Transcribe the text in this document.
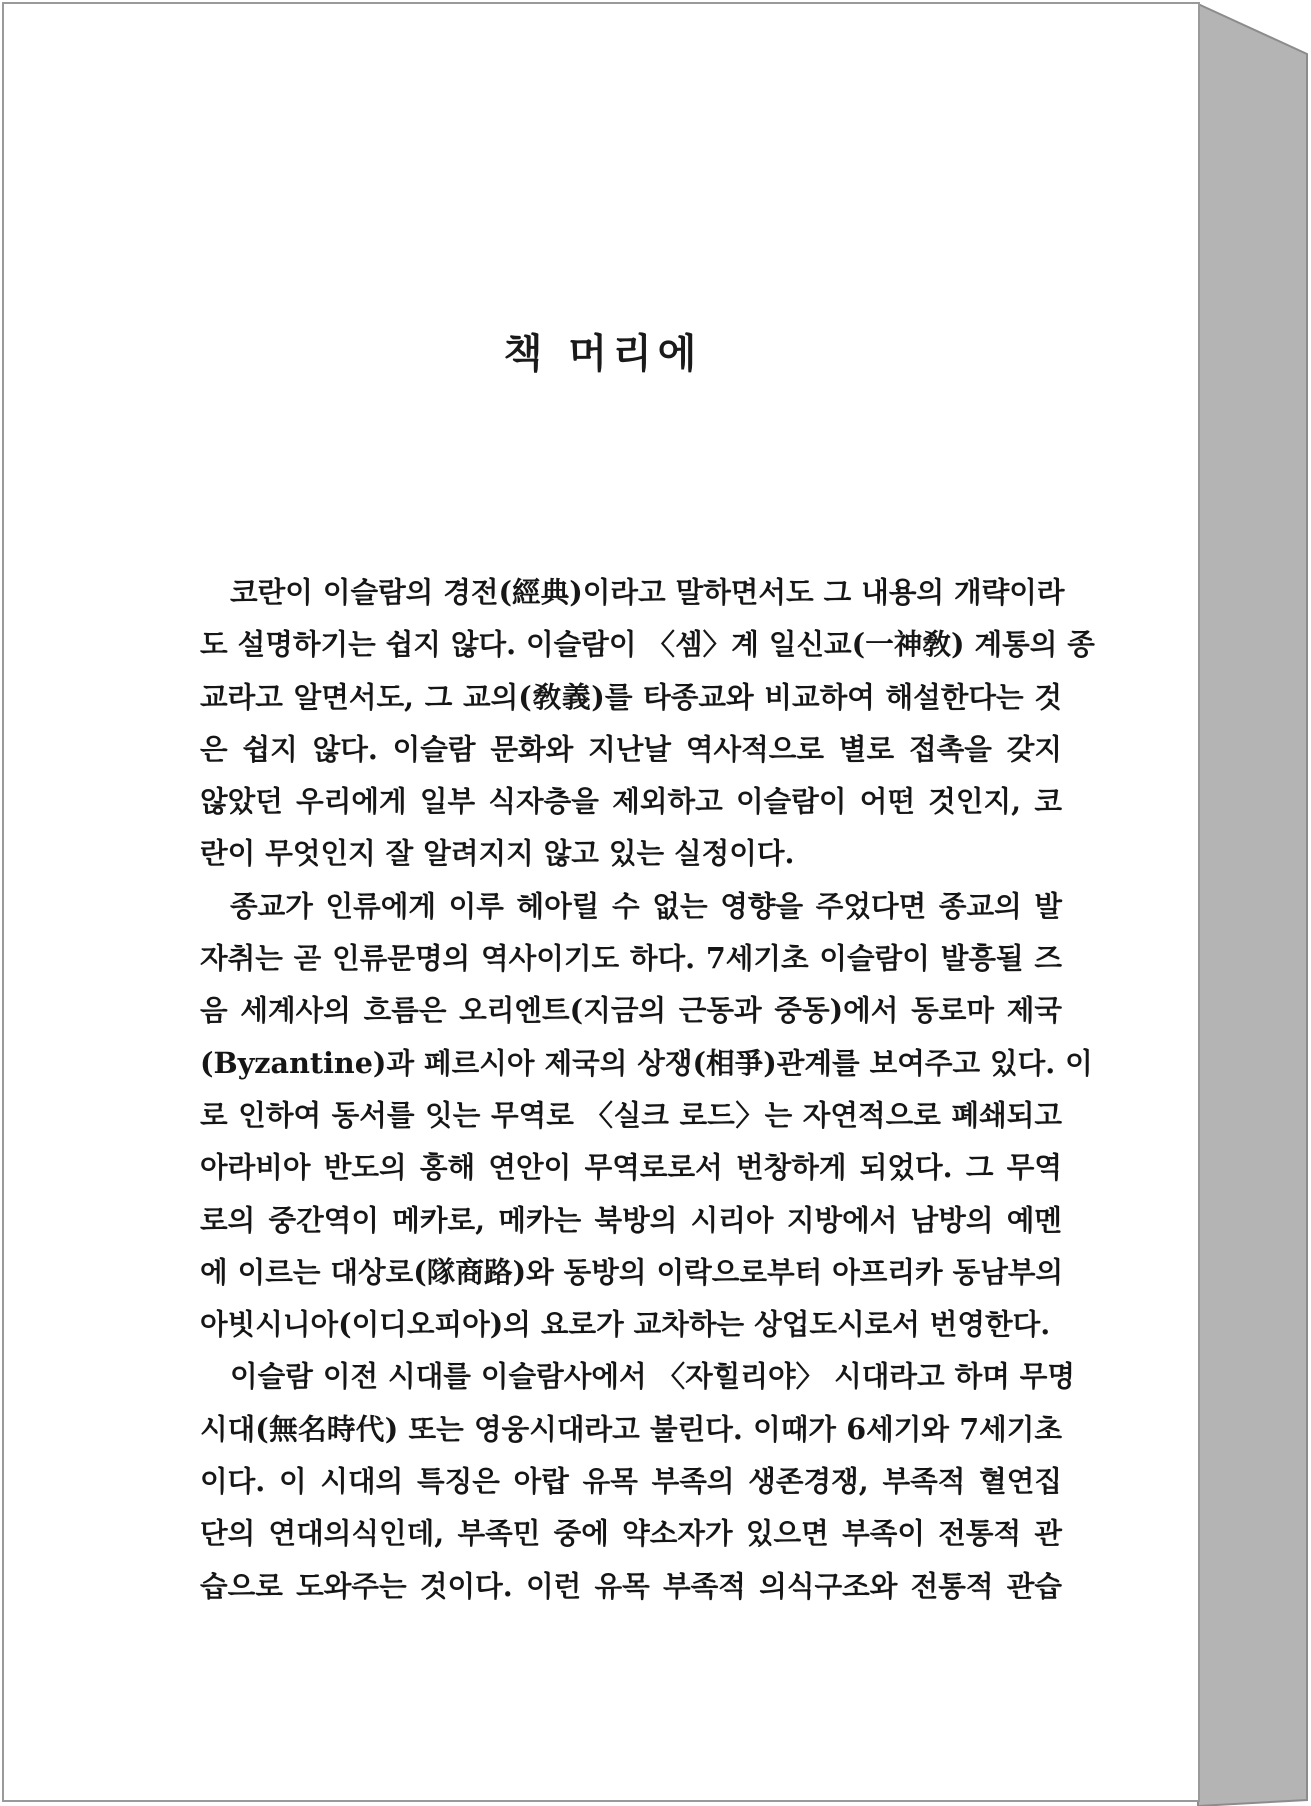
책 머리에
코란이 이슬람의 경전(經典)이라고 말하면서도 그 내용의 개략이라
도 설명하기는 쉽지 않다. 이슬람이 〈셈〉계 일신교(一神敎) 계통의 종
교라고 알면서도, 그 교의(敎義)를 타종교와 비교하여 해설한다는 것
은 쉽지 않다. 이슬람 문화와 지난날 역사적으로 별로 접촉을 갖지
않았던 우리에게 일부 식자층을 제외하고 이슬람이 어떤 것인지, 코
란이 무엇인지 잘 알려지지 않고 있는 실정이다.
종교가 인류에게 이루 헤아릴 수 없는 영향을 주었다면 종교의 발
자취는 곧 인류문명의 역사이기도 하다. 7세기초 이슬람이 발흥될 즈
음 세계사의 흐름은 오리엔트(지금의 근동과 중동)에서 동로마 제국
(Byzantine)과 페르시아 제국의 상쟁(相爭)관계를 보여주고 있다. 이
로 인하여 동서를 잇는 무역로 〈실크 로드〉는 자연적으로 폐쇄되고
아라비아 반도의 홍해 연안이 무역로로서 번창하게 되었다. 그 무역
로의 중간역이 메카로, 메카는 북방의 시리아 지방에서 남방의 예멘
에 이르는 대상로(隊商路)와 동방의 이락으로부터 아프리카 동남부의
아빗시니아(이디오피아)의 요로가 교차하는 상업도시로서 번영한다.
이슬람 이전 시대를 이슬람사에서 〈자힐리야〉 시대라고 하며 무명
시대(無名時代) 또는 영웅시대라고 불린다. 이때가 6세기와 7세기초
이다. 이 시대의 특징은 아랍 유목 부족의 생존경쟁, 부족적 혈연집
단의 연대의식인데, 부족민 중에 약소자가 있으면 부족이 전통적 관
습으로 도와주는 것이다. 이런 유목 부족적 의식구조와 전통적 관습
